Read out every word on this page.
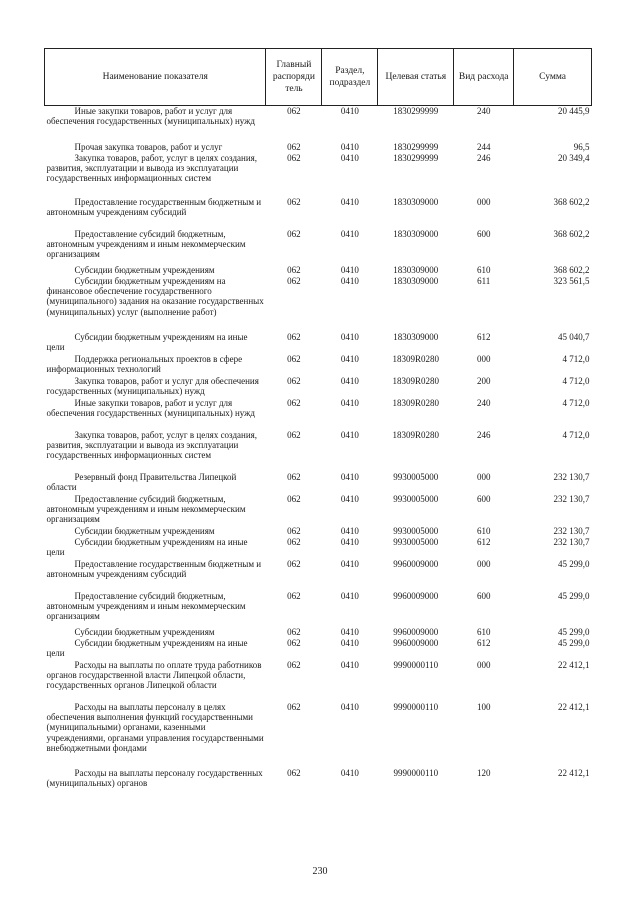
Наименование показателя	Главный распоряди тель	Раздел, подраздел	Целевая статья	Вид расхода	Сумма
Иные закупки товаров, работ и услуг для обеспечения государственных (муниципальных) нужд	062	0410	1830299999	240	20 445,9
Прочая закупка товаров, работ и услуг	062	0410	1830299999	244	96,5
Закупка товаров, работ, услуг в целях создания, развития, эксплуатации и вывода из эксплуатации государственных информационных систем	062	0410	1830299999	246	20 349,4
Предоставление государственным бюджетным и автономным учреждениям субсидий	062	0410	1830309000	000	368 602,2
Предоставление субсидий бюджетным, автономным учреждениям и иным некоммерческим организациям	062	0410	1830309000	600	368 602,2
Субсидии бюджетным учреждениям	062	0410	1830309000	610	368 602,2
Субсидии бюджетным учреждениям на финансовое обеспечение государственного (муниципального) задания на оказание государственных (муниципальных) услуг (выполнение работ)	062	0410	1830309000	611	323 561,5
Субсидии бюджетным учреждениям на иные цели	062	0410	1830309000	612	45 040,7
Поддержка региональных проектов в сфере информационных технологий	062	0410	18309R0280	000	4 712,0
Закупка товаров, работ и услуг для обеспечения государственных (муниципальных) нужд	062	0410	18309R0280	200	4 712,0
Иные закупки товаров, работ и услуг для обеспечения государственных (муниципальных) нужд	062	0410	18309R0280	240	4 712,0
Закупка товаров, работ, услуг в целях создания, развития, эксплуатации и вывода из эксплуатации государственных информационных систем	062	0410	18309R0280	246	4 712,0
Резервный фонд Правительства Липецкой области	062	0410	9930005000	000	232 130,7
Предоставление субсидий бюджетным, автономным учреждениям и иным некоммерческим организациям	062	0410	9930005000	600	232 130,7
Субсидии бюджетным учреждениям	062	0410	9930005000	610	232 130,7
Субсидии бюджетным учреждениям на иные цели	062	0410	9930005000	612	232 130,7
Предоставление государственным бюджетным и автономным учреждениям субсидий	062	0410	9960009000	000	45 299,0
Предоставление субсидий бюджетным, автономным учреждениям и иным некоммерческим организациям	062	0410	9960009000	600	45 299,0
Субсидии бюджетным учреждениям	062	0410	9960009000	610	45 299,0
Субсидии бюджетным учреждениям на иные цели	062	0410	9960009000	612	45 299,0
Расходы на выплаты по оплате труда работников органов государственной власти Липецкой области, государственных органов Липецкой области	062	0410	9990000110	000	22 412,1
Расходы на выплаты персоналу в целях обеспечения выполнения функций государственными (муниципальными) органами, казенными учреждениями, органами управления государственными внебюджетными фондами	062	0410	9990000110	100	22 412,1
Расходы на выплаты персоналу государственных (муниципальных) органов	062	0410	9990000110	120	22 412,1
230
